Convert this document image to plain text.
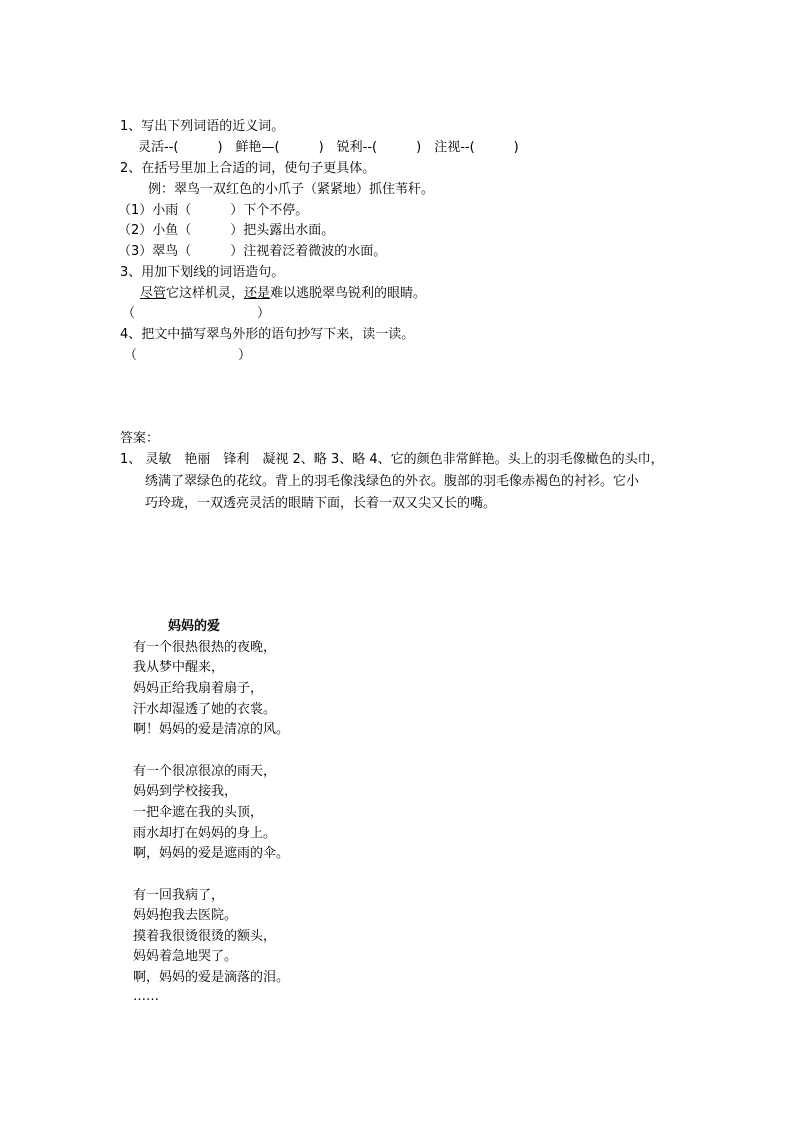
1、写出下列词语的近义词。
灵活--(　　　)　鲜艳—(　　　)　锐利--(　　　)　注视--(　　　)
2、在括号里加上合适的词，使句子更具体。
例：翠鸟一双红色的小爪子（紧紧地）抓住苇秆。
（1）小雨（　　　）下个不停。
（2）小鱼（　　　）把头露出水面。
（3）翠鸟（　　　）注视着泛着微波的水面。
3、用加下划线的词语造句。
尽管它这样机灵，还是难以逃脱翠鸟锐利的眼睛。
（	）
4、把文中描写翠鸟外形的语句抄写下来，读一读。
（	）
答案：
1、 灵敏　艳丽　锋利　凝视 2、略 3、略 4、它的颜色非常鲜艳。头上的羽毛像橄色的头巾，
绣满了翠绿色的花纹。背上的羽毛像浅绿色的外衣。腹部的羽毛像赤褐色的衬衫。它小
巧玲珑，一双透亮灵活的眼睛下面，长着一双又尖又长的嘴。
妈妈的爱
有一个很热很热的夜晚，
我从梦中醒来，
妈妈正给我扇着扇子，
汗水却湿透了她的衣裳。
啊！妈妈的爱是清凉的风。
有一个很凉很凉的雨天，
妈妈到学校接我，
一把伞遮在我的头顶，
雨水却打在妈妈的身上。
啊，妈妈的爱是遮雨的伞。
有一回我病了，
妈妈抱我去医院。
摸着我很烫很烫的额头，
妈妈着急地哭了。
啊，妈妈的爱是滴落的泪。
……
